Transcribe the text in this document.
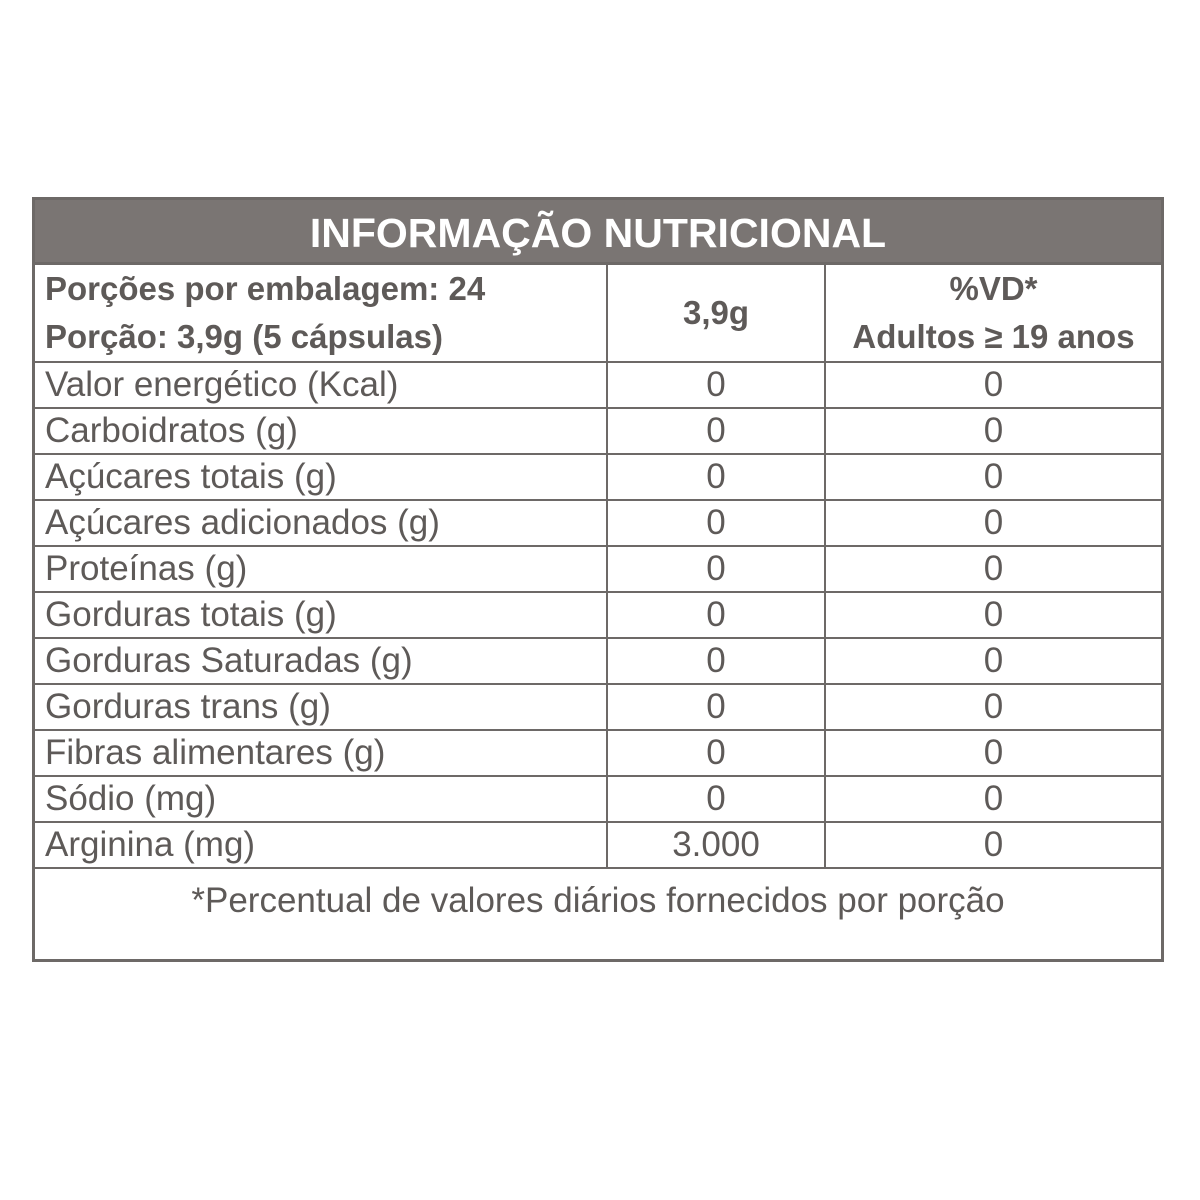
INFORMAÇÃO NUTRICIONAL
Porções por embalagem: 24
Porção: 3,9g (5 cápsulas)	3,9g	%VD*
Adultos ≥ 19 anos

Valor energético (Kcal)	0	0
Carboidratos (g)	0	0
Açúcares totais (g)	0	0
Açúcares adicionados (g)	0	0
Proteínas (g)	0	0
Gorduras totais (g)	0	0
Gorduras Saturadas (g)	0	0
Gorduras trans (g)	0	0
Fibras alimentares (g)	0	0
Sódio (mg)	0	0
Arginina (mg)	3.000	0
*Percentual de valores diários fornecidos por porção		
